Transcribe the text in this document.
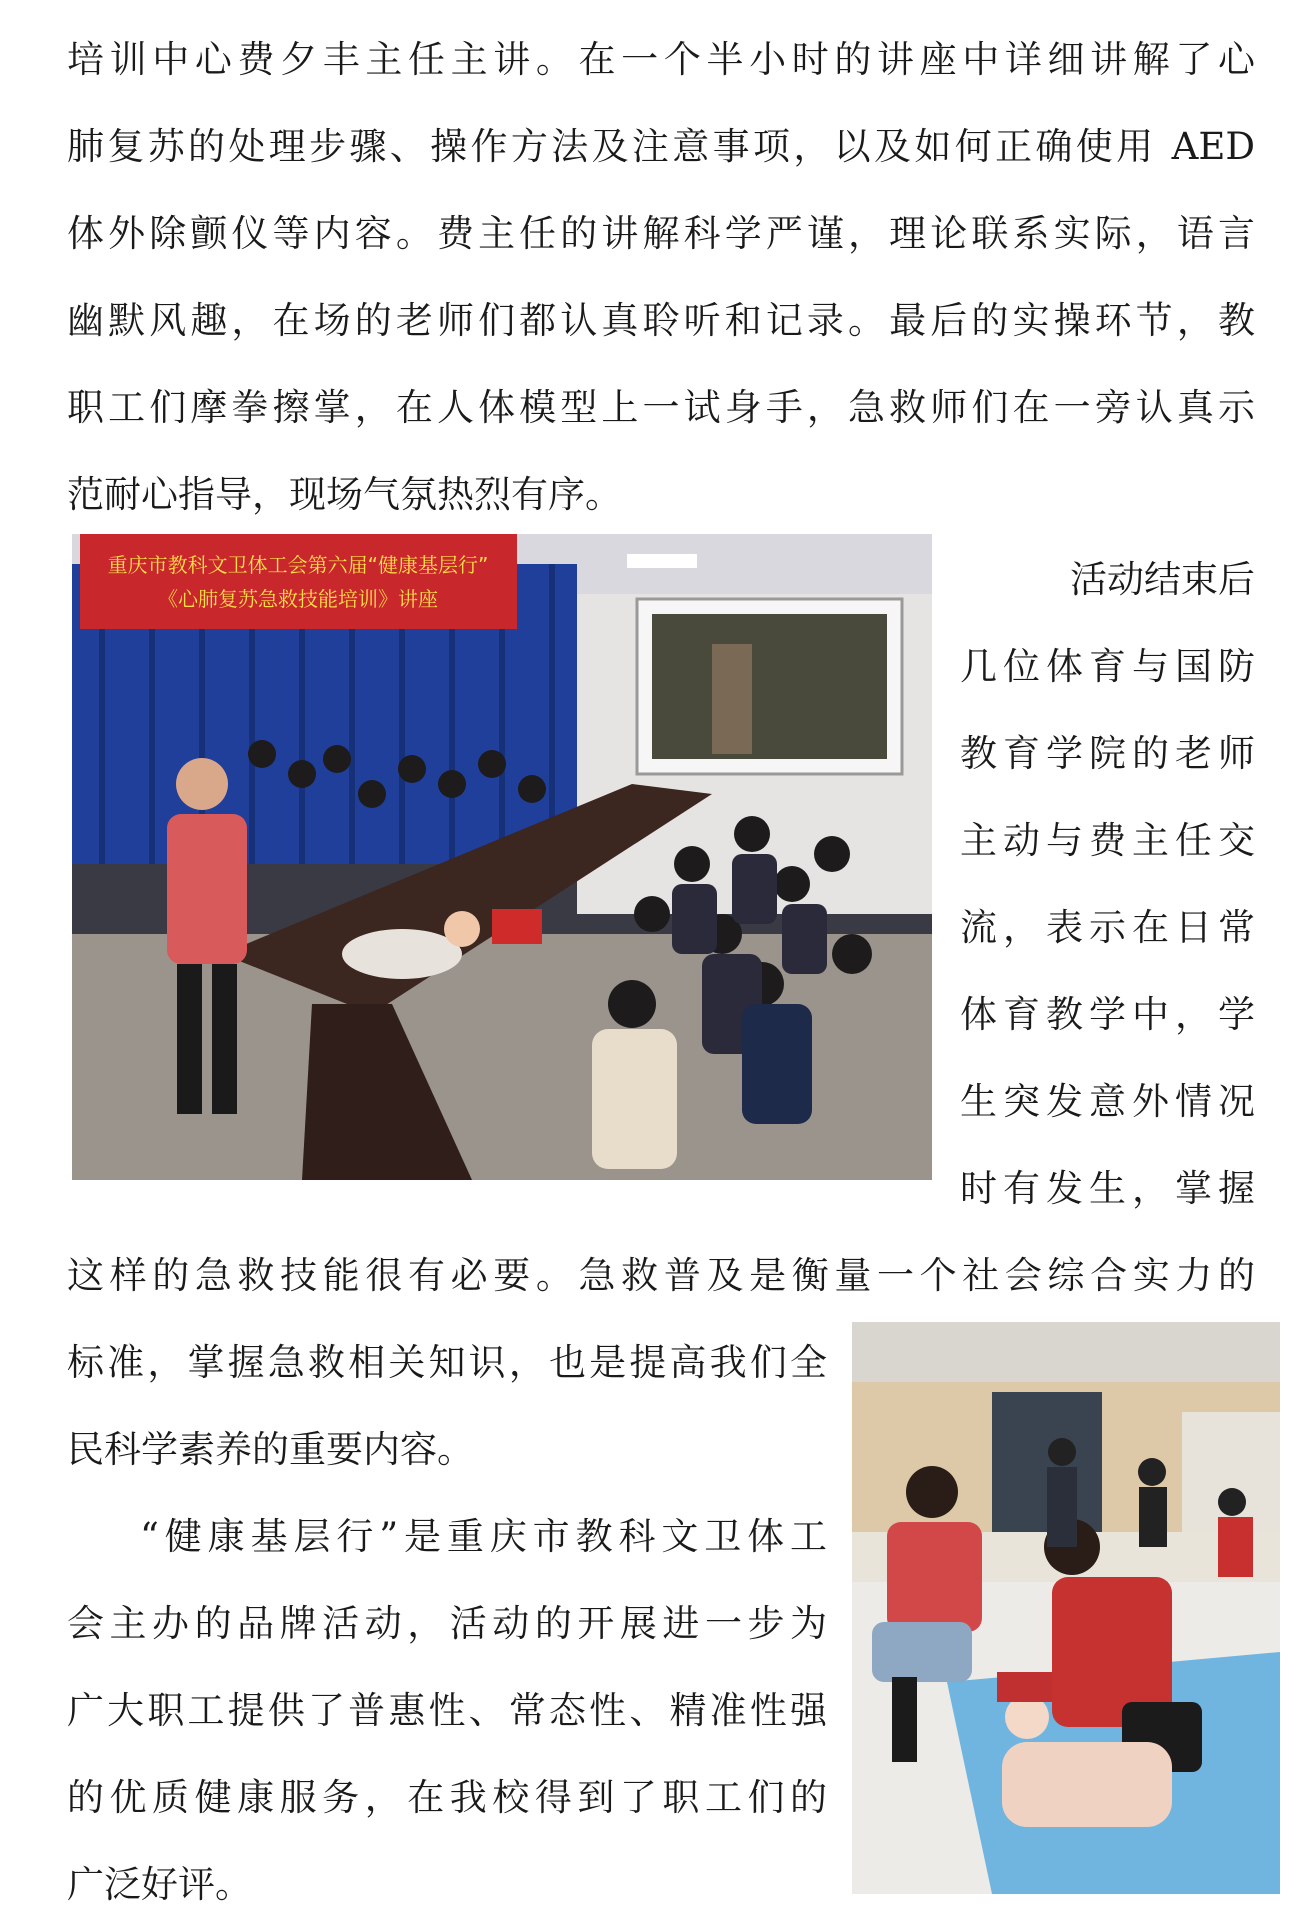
培训中心费夕丰主任主讲。在一个半小时的讲座中详细讲解了心
肺复苏的处理步骤、操作方法及注意事项，以及如何正确使用 AED
体外除颤仪等内容。费主任的讲解科学严谨，理论联系实际，语言
幽默风趣，在场的老师们都认真聆听和记录。最后的实操环节，教
职工们摩拳擦掌，在人体模型上一试身手，急救师们在一旁认真示
范耐心指导，现场气氛热烈有序。
重庆市教科文卫体工会第六届“健康基层行”
《心肺复苏急救技能培训》讲座	活动结束后
几位体育与国防
教育学院的老师
主动与费主任交
流，表示在日常
体育教学中，学
生突发意外情况
时有发生，掌握
这样的急救技能很有必要。急救普及是衡量一个社会综合实力的
标准，掌握急救相关知识，也是提高我们全
民科学素养的重要内容。
“健康基层行”是重庆市教科文卫体工
会主办的品牌活动，活动的开展进一步为
广大职工提供了普惠性、常态性、精准性强
的优质健康服务，在我校得到了职工们的
广泛好评。
